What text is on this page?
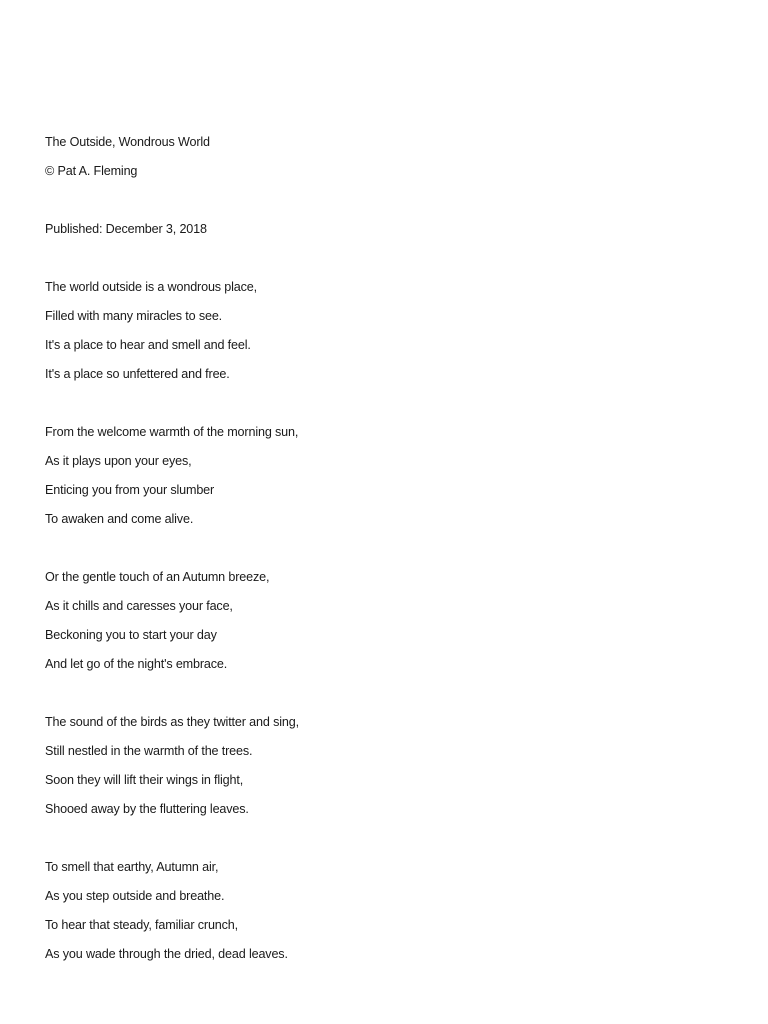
The Outside, Wondrous World
© Pat A. Fleming
Published: December 3, 2018
The world outside is a wondrous place,
Filled with many miracles to see.
It's a place to hear and smell and feel.
It's a place so unfettered and free.
From the welcome warmth of the morning sun,
As it plays upon your eyes,
Enticing you from your slumber
To awaken and come alive.
Or the gentle touch of an Autumn breeze,
As it chills and caresses your face,
Beckoning you to start your day
And let go of the night's embrace.
The sound of the birds as they twitter and sing,
Still nestled in the warmth of the trees.
Soon they will lift their wings in flight,
Shooed away by the fluttering leaves.
To smell that earthy, Autumn air,
As you step outside and breathe.
To hear that steady, familiar crunch,
As you wade through the dried, dead leaves.
